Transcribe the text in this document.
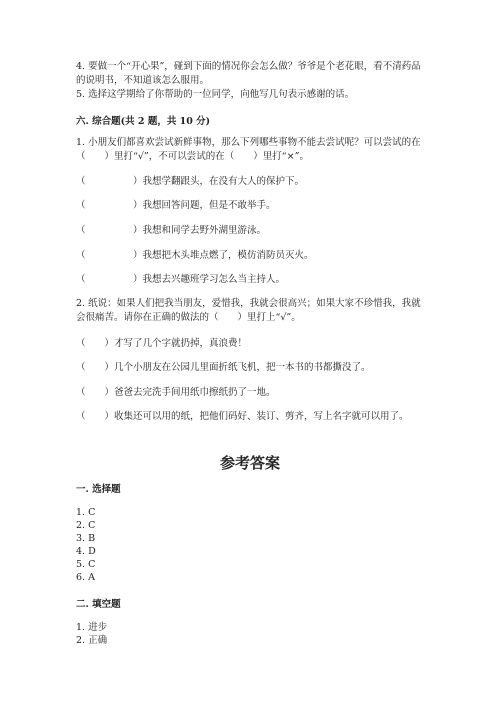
4. 要做一个“开心果”，碰到下面的情况你会怎么做？爷爷是个老花眼，看不清药品的说明书，不知道该怎么服用。

5. 选择这学期给了你帮助的一位同学，向他写几句表示感谢的话。

六. 综合题(共 2 题，共 10 分)

1. 小朋友们都喜欢尝试新鲜事物，那么下列哪些事物不能去尝试呢？可以尝试的在（　　）里打“√”，不可以尝试的在（　　）里打“×”。

（　　　　　）我想学翻跟头，在没有大人的保护下。

（　　　　　）我想回答问题，但是不敢举手。

（　　　　　）我想和同学去野外湖里游泳。

（　　　　　）我想把木头堆点燃了，模仿消防员灭火。

（　　　　　）我想去兴趣班学习怎么当主持人。

2. 纸说：如果人们把我当朋友，爱惜我，我就会很高兴；如果大家不珍惜我，我就会很痛苦。请你在正确的做法的（　　）里打上“√”。

（　　）才写了几个字就扔掉，真浪费！

（　　）几个小朋友在公园儿里面折纸飞机，把一本书的书都撕没了。

（　　）爸爸去完洗手间用纸巾擦纸扔了一地。

（　　）收集还可以用的纸，把他们码好、装订、剪齐，写上名字就可以用了。

参考答案

一. 选择题

1. C
2. C
3. B
4. D
5. C
6. A

二. 填空题

1. 进步
2. 正确
